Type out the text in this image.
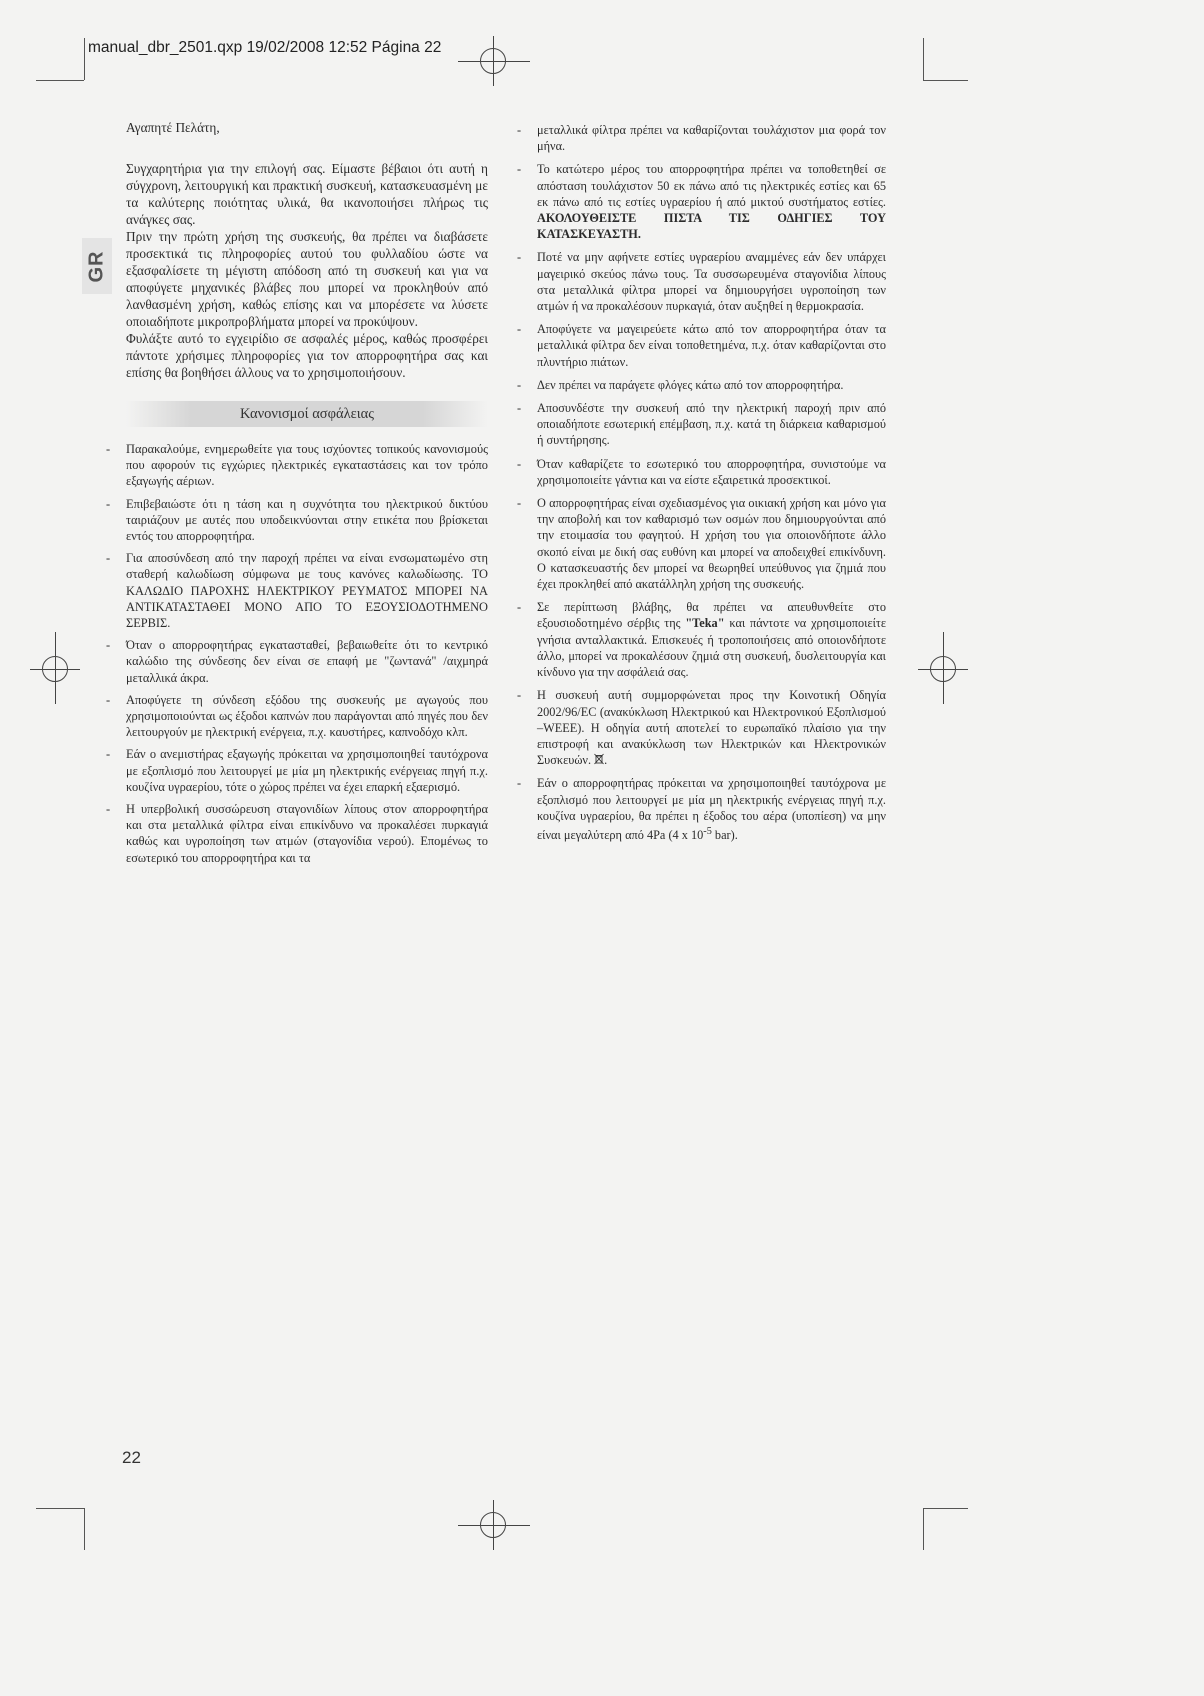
manual_dbr_2501.qxp 19/02/2008 12:52 Página 22
GR

Αγαπητέ Πελάτη,

Συγχαρητήρια για την επιλογή σας. Είμαστε βέβαιοι ότι αυτή η σύγχρονη, λειτουργική και πρακτική συσκευή, κατασκευασμένη με τα καλύτερης ποιότητας υλικά, θα ικανοποιήσει πλήρως τις ανάγκες σας.

Πριν την πρώτη χρήση της συσκευής, θα πρέπει να διαβάσετε προσεκτικά τις πληροφορίες αυτού του φυλλαδίου ώστε να εξασφαλίσετε τη μέγιστη απόδοση από τη συσκευή και για να αποφύγετε μηχανικές βλάβες που μπορεί να προκληθούν από λανθασμένη χρήση, καθώς επίσης και να μπορέσετε να λύσετε οποιαδήποτε μικροπροβλήματα μπορεί να προκύψουν.

Φυλάξτε αυτό το εγχειρίδιο σε ασφαλές μέρος, καθώς προσφέρει πάντοτε χρήσιμες πληροφορίες για τον απορροφητήρα σας και επίσης θα βοηθήσει άλλους να το χρησιμοποιήσουν.

Κανονισμοί ασφάλειας
- Παρακαλούμε, ενημερωθείτε για τους ισχύοντες τοπικούς κανονισμούς που αφορούν τις εγχώριες ηλεκτρικές εγκαταστάσεις και τον τρόπο εξαγωγής αέριων.
- Επιβεβαιώστε ότι η τάση και η συχνότητα του ηλεκτρικού δικτύου ταιριάζουν με αυτές που υποδεικνύονται στην ετικέτα που βρίσκεται εντός του απορροφητήρα.
- Για αποσύνδεση από την παροχή πρέπει να είναι ενσωματωμένο στη σταθερή καλωδίωση σύμφωνα με τους κανόνες καλωδίωσης. ΤΟ ΚΑΛΩΔΙΟ ΠΑΡΟΧΗΣ ΗΛΕΚΤΡΙΚΟΥ ΡΕΥΜΑΤΟΣ ΜΠΟΡΕΙ ΝΑ ΑΝΤΙΚΑΤΑΣΤΑΘΕΙ ΜΟΝΟ ΑΠΟ ΤΟ ΕΞΟΥΣΙΟΔΟΤΗΜΕΝΟ ΣΕΡΒΙΣ.
- Όταν ο απορροφητήρας εγκατασταθεί, βεβαιωθείτε ότι το κεντρικό καλώδιο της σύνδεσης δεν είναι σε επαφή με "ζωντανά" /αιχμηρά μεταλλικά άκρα.
- Αποφύγετε τη σύνδεση εξόδου της συσκευής με αγωγούς που χρησιμοποιούνται ως έξοδοι καπνών που παράγονται από πηγές που δεν λειτουργούν με ηλεκτρική ενέργεια, π.χ. καυστήρες, καπνοδόχο κλπ.
- Εάν ο ανεμιστήρας εξαγωγής πρόκειται να χρησιμοποιηθεί ταυτόχρονα με εξοπλισμό που λειτουργεί με μία μη ηλεκτρικής ενέργειας πηγή π.χ. κουζίνα υγραερίου, τότε ο χώρος πρέπει να έχει επαρκή εξαερισμό.
- Η υπερβολική συσσώρευση σταγονιδίων λίπους στον απορροφητήρα και στα μεταλλικά φίλτρα είναι επικίνδυνο να προκαλέσει πυρκαγιά καθώς και υγροποίηση των ατμών (σταγονίδια νερού). Επομένως το εσωτερικό του απορροφητήρα και τα
- μεταλλικά φίλτρα πρέπει να καθαρίζονται τουλάχιστον μια φορά τον μήνα.
- Το κατώτερο μέρος του απορροφητήρα πρέπει να τοποθετηθεί σε απόσταση τουλάχιστον 50 εκ πάνω από τις ηλεκτρικές εστίες και 65 εκ πάνω από τις εστίες υγραερίου ή από μικτού συστήματος εστίες. ΑΚΟΛΟΥΘΕΙΣΤΕ ΠΙΣΤΑ ΤΙΣ ΟΔΗΓΙΕΣ ΤΟΥ ΚΑΤΑΣΚΕΥΑΣΤΗ.
- Ποτέ να μην αφήνετε εστίες υγραερίου αναμμένες εάν δεν υπάρχει μαγειρικό σκεύος πάνω τους. Τα συσσωρευμένα σταγονίδια λίπους στα μεταλλικά φίλτρα μπορεί να δημιουργήσει υγροποίηση των ατμών ή να προκαλέσουν πυρκαγιά, όταν αυξηθεί η θερμοκρασία.
- Αποφύγετε να μαγειρεύετε κάτω από τον απορροφητήρα όταν τα μεταλλικά φίλτρα δεν είναι τοποθετημένα, π.χ. όταν καθαρίζονται στο πλυντήριο πιάτων.
- Δεν πρέπει να παράγετε φλόγες κάτω από τον απορροφητήρα.
- Αποσυνδέστε την συσκευή από την ηλεκτρική παροχή πριν από οποιαδήποτε εσωτερική επέμβαση, π.χ. κατά τη διάρκεια καθαρισμού ή συντήρησης.
- Όταν καθαρίζετε το εσωτερικό του απορροφητήρα, συνιστούμε να χρησιμοποιείτε γάντια και να είστε εξαιρετικά προσεκτικοί.
- Ο απορροφητήρας είναι σχεδιασμένος για οικιακή χρήση και μόνο για την αποβολή και τον καθαρισμό των οσμών που δημιουργούνται από την ετοιμασία του φαγητού. Η χρήση του για οποιονδήποτε άλλο σκοπό είναι με δική σας ευθύνη και μπορεί να αποδειχθεί επικίνδυνη. Ο κατασκευαστής δεν μπορεί να θεωρηθεί υπεύθυνος για ζημιά που έχει προκληθεί από ακατάλληλη χρήση της συσκευής.
- Σε περίπτωση βλάβης, θα πρέπει να απευθυνθείτε στο εξουσιοδοτημένο σέρβις της "Teka" και πάντοτε να χρησιμοποιείτε γνήσια ανταλλακτικά. Επισκευές ή τροποποιήσεις από οποιονδήποτε άλλο, μπορεί να προκαλέσουν ζημιά στη συσκευή, δυσλειτουργία και κίνδυνο για την ασφάλειά σας.
- Η συσκευή αυτή συμμορφώνεται προς την Κοινοτική Οδηγία 2002/96/EC (ανακύκλωση Ηλεκτρικού και Ηλεκτρονικού Εξοπλισμού –WEEE). Η οδηγία αυτή αποτελεί το ευρωπαϊκό πλαίσιο για την επιστροφή και ανακύκλωση των Ηλεκτρικών και Ηλεκτρονικών Συσκευών. .
- Εάν ο απορροφητήρας πρόκειται να χρησιμοποιηθεί ταυτόχρονα με εξοπλισμό που λειτουργεί με μία μη ηλεκτρικής ενέργειας πηγή π.χ. κουζίνα υγραερίου, θα πρέπει η έξοδος του αέρα (υποπίεση) να μην είναι μεγαλύτερη από 4Pa (4 x $10^{-5}$ bar).
22
